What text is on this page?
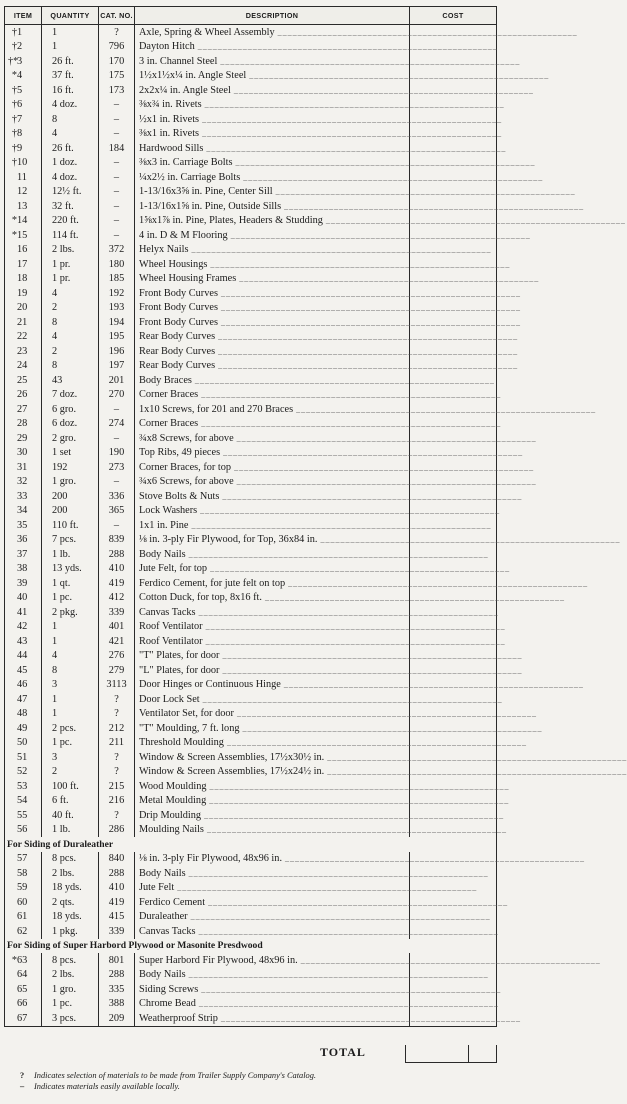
ITEM	QUANTITY	CAT. NO.	DESCRIPTION	COST
†1	1	?	Axle, Spring & Wheel Assembly ____________________________________________________________	
†2	1	796	Dayton Hitch ____________________________________________________________	
†*3	26 ft.	170	3 in. Channel Steel ____________________________________________________________	
*4	37 ft.	175	1½x1½x¼ in. Angle Steel ____________________________________________________________	
†5	16 ft.	173	2x2x¼ in. Angle Steel ____________________________________________________________	
†6	4 doz.	–	⅜x¾ in. Rivets ____________________________________________________________	
†7	8	–	½x1 in. Rivets ____________________________________________________________	
†8	4	–	⅜x1 in. Rivets ____________________________________________________________	
†9	26 ft.	184	Hardwood Sills ____________________________________________________________	
†10	1 doz.	–	⅜x3 in. Carriage Bolts ____________________________________________________________	
11	4 doz.	–	¼x2½ in. Carriage Bolts ____________________________________________________________	
12	12½ ft.	–	1-13/16x3⅝ in. Pine, Center Sill ____________________________________________________________	
13	32 ft.	–	1-13/16x1⅝ in. Pine, Outside Sills ____________________________________________________________	
*14	220 ft.	–	1⅝x1⅞ in. Pine, Plates, Headers & Studding ____________________________________________________________	
*15	114 ft.	–	4 in. D & M Flooring ____________________________________________________________	
16	2 lbs.	372	Helyx Nails ____________________________________________________________	
17	1 pr.	180	Wheel Housings ____________________________________________________________	
18	1 pr.	185	Wheel Housing Frames ____________________________________________________________	
19	4	192	Front Body Curves ____________________________________________________________	
20	2	193	Front Body Curves ____________________________________________________________	
21	8	194	Front Body Curves ____________________________________________________________	
22	4	195	Rear Body Curves ____________________________________________________________	
23	2	196	Rear Body Curves ____________________________________________________________	
24	8	197	Rear Body Curves ____________________________________________________________	
25	43	201	Body Braces ____________________________________________________________	
26	7 doz.	270	Corner Braces ____________________________________________________________	
27	6 gro.	–	1x10 Screws, for 201 and 270 Braces ____________________________________________________________	
28	6 doz.	274	Corner Braces ____________________________________________________________	
29	2 gro.	–	¾x8 Screws, for above ____________________________________________________________	
30	1 set	190	Top Ribs, 49 pieces ____________________________________________________________	
31	192	273	Corner Braces, for top ____________________________________________________________	
32	1 gro.	–	¾x6 Screws, for above ____________________________________________________________	
33	200	336	Stove Bolts & Nuts ____________________________________________________________	
34	200	365	Lock Washers ____________________________________________________________	
35	110 ft.	–	1x1 in. Pine ____________________________________________________________	
36	7 pcs.	839	⅛ in. 3-ply Fir Plywood, for Top, 36x84 in. ____________________________________________________________	
37	1 lb.	288	Body Nails ____________________________________________________________	
38	13 yds.	410	Jute Felt, for top ____________________________________________________________	
39	1 qt.	419	Ferdico Cement, for jute felt on top ____________________________________________________________	
40	1 pc.	412	Cotton Duck, for top, 8x16 ft. ____________________________________________________________	
41	2 pkg.	339	Canvas Tacks ____________________________________________________________	
42	1	401	Roof Ventilator ____________________________________________________________	
43	1	421	Roof Ventilator ____________________________________________________________	
44	4	276	"T" Plates, for door ____________________________________________________________	
45	8	279	"L" Plates, for door ____________________________________________________________	
46	3	3113	Door Hinges or Continuous Hinge ____________________________________________________________	
47	1	?	Door Lock Set ____________________________________________________________	
48	1	?	Ventilator Set, for door ____________________________________________________________	
49	2 pcs.	212	"T" Moulding, 7 ft. long ____________________________________________________________	
50	1 pc.	211	Threshold Moulding ____________________________________________________________	
51	3	?	Window & Screen Assemblies, 17½x30½ in. ____________________________________________________________	
52	2	?	Window & Screen Assemblies, 17½x24½ in. ____________________________________________________________	
53	100 ft.	215	Wood Moulding ____________________________________________________________	
54	6 ft.	216	Metal Moulding ____________________________________________________________	
55	40 ft.	?	Drip Moulding ____________________________________________________________	
56	1 lb.	286	Moulding Nails ____________________________________________________________	
For Siding of Duraleather				
57	8 pcs.	840	⅛ in. 3-ply Fir Plywood, 48x96 in. ____________________________________________________________	
58	2 lbs.	288	Body Nails ____________________________________________________________	
59	18 yds.	410	Jute Felt ____________________________________________________________	
60	2 qts.	419	Ferdico Cement ____________________________________________________________	
61	18 yds.	415	Duraleather ____________________________________________________________	
62	1 pkg.	339	Canvas Tacks ____________________________________________________________	
For Siding of Super Harbord Plywood or Masonite Presdwood				
*63	8 pcs.	801	Super Harbord Fir Plywood, 48x96 in. ____________________________________________________________	
64	2 lbs.	288	Body Nails ____________________________________________________________	
65	1 gro.	335	Siding Screws ____________________________________________________________	
66	1 pc.	388	Chrome Bead ____________________________________________________________	
67	3 pcs.	209	Weatherproof Strip ____________________________________________________________	
TOTAL
? Indicates selection of materials to be made from Trailer Supply Company's Catalog.
– Indicates materials easily available locally.
